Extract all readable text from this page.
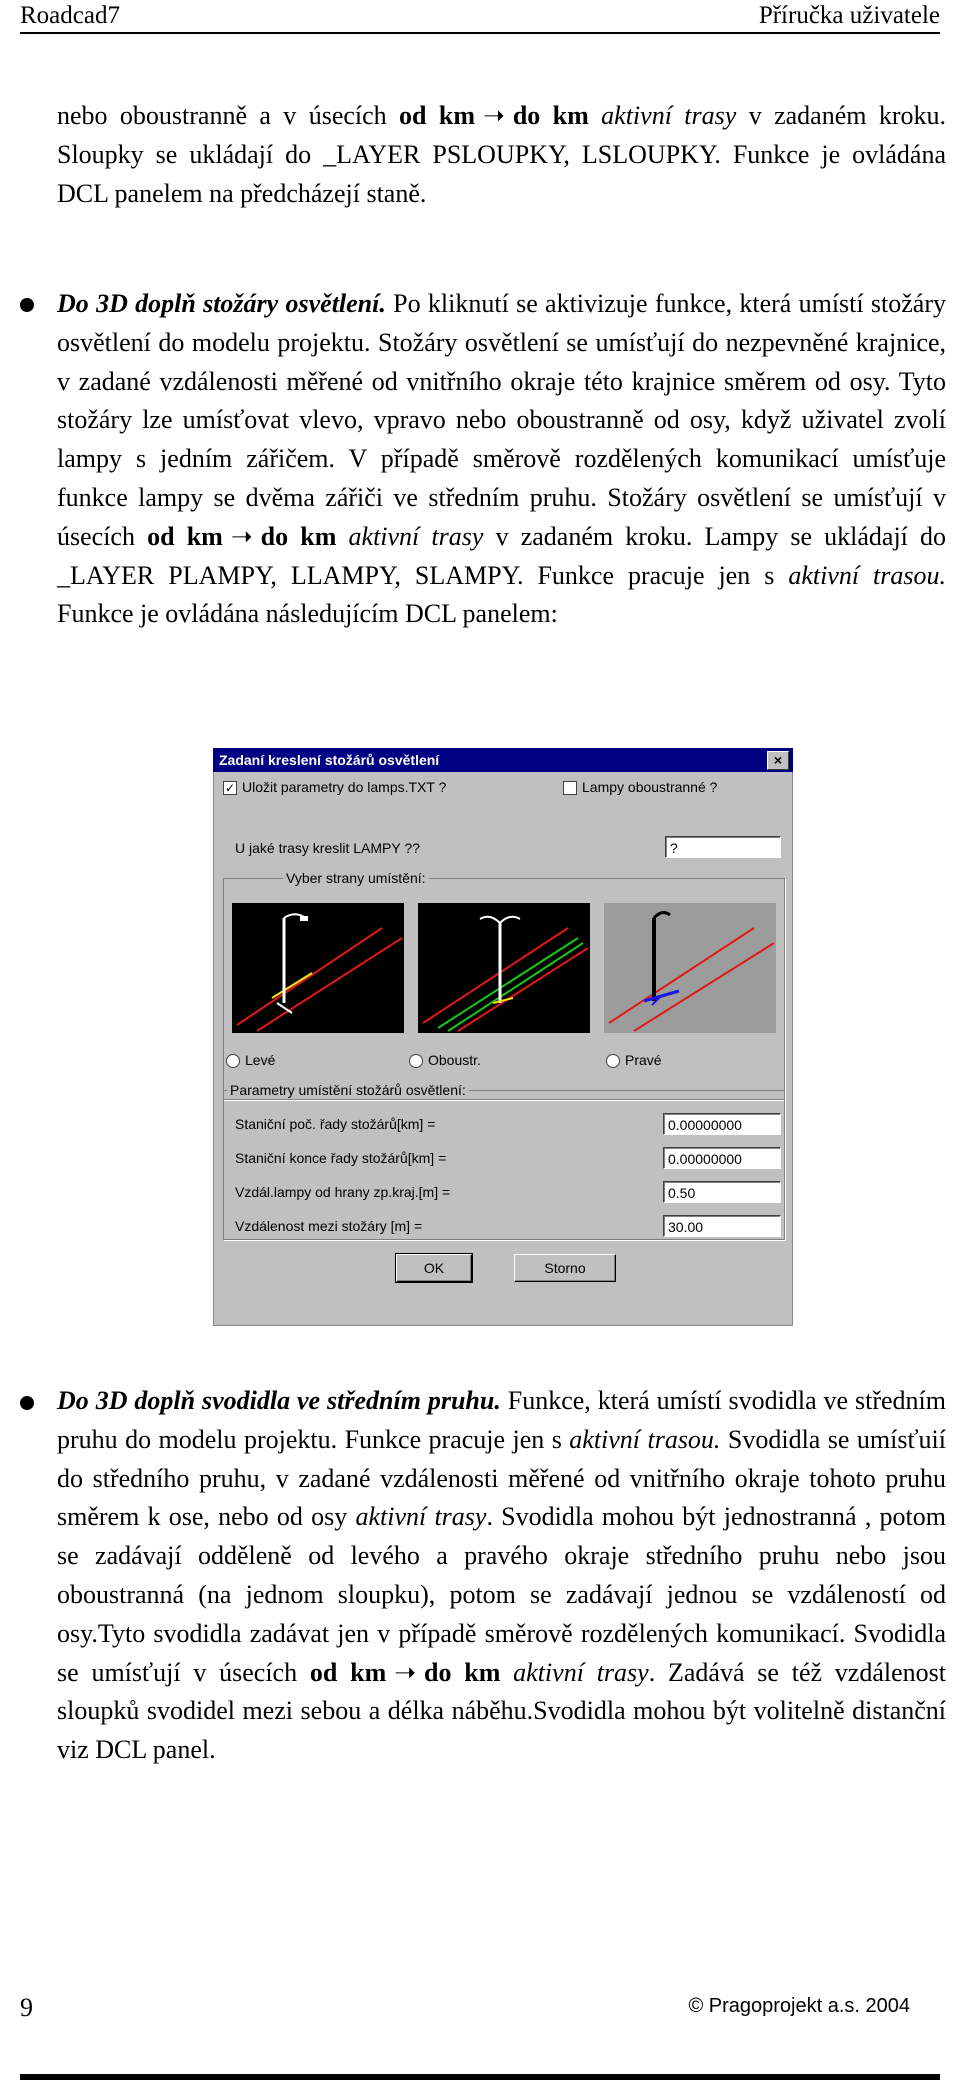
Roadcad7	Příručka uživatele
nebo oboustranně a v úsecích od km ➝ do km aktivní trasy v zadaném kroku. Sloupky se ukládají do _LAYER PSLOUPKY, LSLOUPKY. Funkce je ovládána DCL panelem na předcházejí staně.
Do 3D doplň stožáry osvětlení. Po kliknutí se aktivizuje funkce, která umístí stožáry osvětlení do modelu projektu. Stožáry osvětlení se umísťují do nezpevněné krajnice, v zadané vzdálenosti měřené od vnitřního okraje této krajnice směrem od osy. Tyto stožáry lze umísťovat vlevo, vpravo nebo oboustranně od osy, když uživatel zvolí lampy s jedním zářičem. V případě směrově rozdělených komunikací umísťuje funkce lampy se dvěma zářiči ve středním pruhu. Stožáry osvětlení se umísťují v úsecích od km ➝ do km aktivní trasy v zadaném kroku. Lampy se ukládají do _LAYER PLAMPY, LLAMPY, SLAMPY. Funkce pracuje jen s aktivní trasou. Funkce je ovládána následujícím DCL panelem:
Zadaní kreslení stožárů osvětlení	×
✓ Uložit parametry do lamps.TXT ?	Lampy oboustranné ?
U jaké trasy kreslit LAMPY ??	?
Vyber strany umístění:
Levé	Oboustr.	Pravé
Parametry umístění stožárů osvětlení:
Staniční poč. řady stožárů[km] =	0.00000000
Staniční konce řady stožárů[km] =	0.00000000
Vzdál.lampy od hrany zp.kraj.[m] =	0.50
Vzdálenost mezi stožáry [m] =	30.00
OK	Storno
Do 3D doplň svodidla ve středním pruhu. Funkce, která umístí svodidla ve středním pruhu do modelu projektu. Funkce pracuje jen s aktivní trasou. Svodidla se umísťuií do středního pruhu, v zadané vzdálenosti měřené od vnitřního okraje tohoto pruhu směrem k ose, nebo od osy aktivní trasy. Svodidla mohou být jednostranná , potom se zadávají odděleně od levého a pravého okraje středního pruhu nebo jsou oboustranná (na jednom sloupku), potom se zadávají jednou se vzdáleností od osy.Tyto svodidla zadávat jen v případě směrově rozdělených komunikací. Svodidla se umísťují v úsecích od km ➝ do km aktivní trasy. Zadává se též vzdálenost sloupků svodidel mezi sebou a délka náběhu.Svodidla mohou být volitelně distanční viz DCL panel.
9	© Pragoprojekt a.s. 2004
